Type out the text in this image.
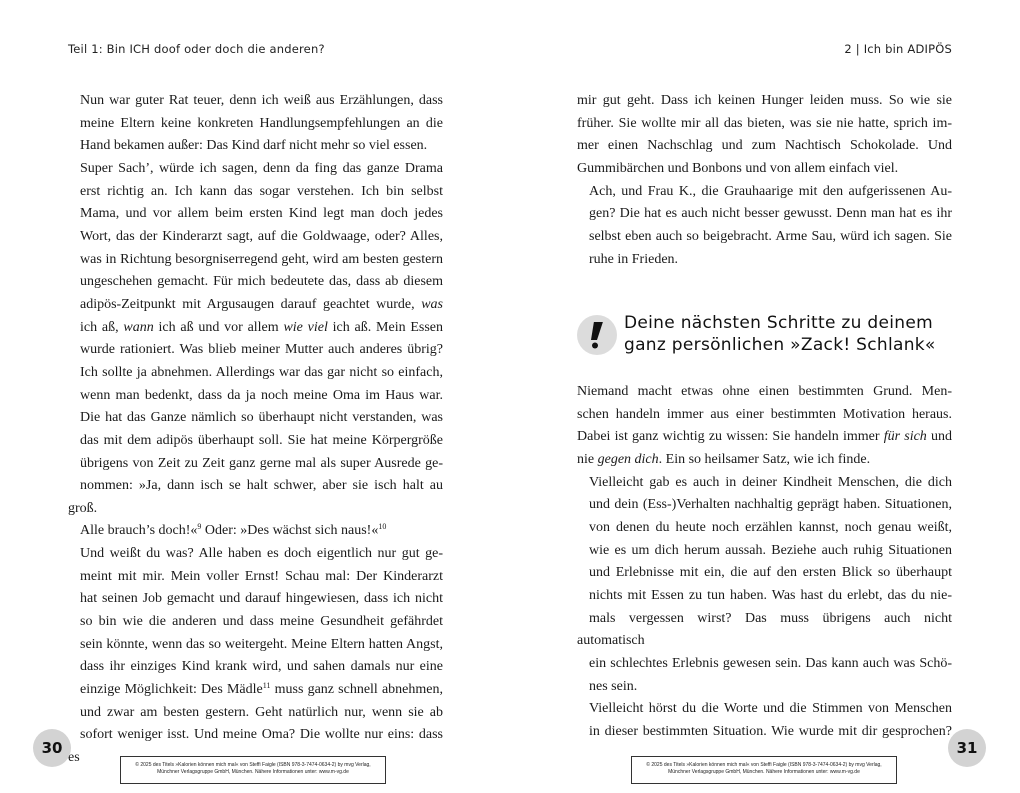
Teil 1: Bin ICH doof oder doch die anderen?

Nun war guter Rat teuer, denn ich weiß aus Erzählungen, dass
meine Eltern keine konkreten Handlungsempfehlungen an die
Hand bekamen außer: Das Kind darf nicht mehr so viel essen.

Super Sach’, würde ich sagen, denn da fing das ganze Drama
erst richtig an. Ich kann das sogar verstehen. Ich bin selbst
Mama, und vor allem beim ersten Kind legt man doch jedes
Wort, das der Kinderarzt sagt, auf die Goldwaage, oder? Alles,
was in Richtung besorgniserregend geht, wird am besten gestern
ungeschehen gemacht. Für mich bedeutete das, dass ab diesem
adipös-Zeitpunkt mit Argusaugen darauf geachtet wurde, was
ich aß, wann ich aß und vor allem wie viel ich aß. Mein Essen
wurde rationiert. Was blieb meiner Mutter auch anderes übrig?
Ich sollte ja abnehmen. Allerdings war das gar nicht so einfach,
wenn man bedenkt, dass da ja noch meine Oma im Haus war.
Die hat das Ganze nämlich so überhaupt nicht verstanden, was
das mit dem adipös überhaupt soll. Sie hat meine Körpergröße
übrigens von Zeit zu Zeit ganz gerne mal als super Ausrede ge-
nommen: »Ja, dann isch se halt schwer, aber sie isch halt au groß.
Alle brauch’s doch!«$^9$ Oder: »Des wächst sich naus!«$^{10}$

Und weißt du was? Alle haben es doch eigentlich nur gut ge-
meint mit mir. Mein voller Ernst! Schau mal: Der Kinderarzt
hat seinen Job gemacht und darauf hingewiesen, dass ich nicht
so bin wie die anderen und dass meine Gesundheit gefährdet
sein könnte, wenn das so weitergeht. Meine Eltern hatten Angst,
dass ihr einziges Kind krank wird, und sahen damals nur eine
einzige Möglichkeit: Des Mädle$^{11}$ muss ganz schnell abnehmen,
und zwar am besten gestern. Geht natürlich nur, wenn sie ab
sofort weniger isst. Und meine Oma? Die wollte nur eins: dass es

30
© 2025 des Titels »Kalorien können mich mal« von Steffi Faigle (ISBN 978-3-7474-0634-2) by mvg Verlag,
Münchner Verlagsgruppe GmbH, München. Nähere Informationen unter: www.m-vg.de
2 | Ich bin ADIPÖS

mir gut geht. Dass ich keinen Hunger leiden muss. So wie sie
früher. Sie wollte mir all das bieten, was sie nie hatte, sprich im-
mer einen Nachschlag und zum Nachtisch Schokolade. Und
Gummibärchen und Bonbons und von allem einfach viel.

Ach, und Frau K., die Grauhaarige mit den aufgerissenen Au-
gen? Die hat es auch nicht besser gewusst. Denn man hat es ihr
selbst eben auch so beigebracht. Arme Sau, würd ich sagen. Sie
ruhe in Frieden.

Deine nächsten Schritte zu deinem
ganz persönlichen »Zack! Schlank«

Niemand macht etwas ohne einen bestimmten Grund. Men-
schen handeln immer aus einer bestimmten Motivation heraus.
Dabei ist ganz wichtig zu wissen: Sie handeln immer für sich und
nie gegen dich. Ein so heilsamer Satz, wie ich finde.

Vielleicht gab es auch in deiner Kindheit Menschen, die dich
und dein (Ess-)Verhalten nachhaltig geprägt haben. Situationen,
von denen du heute noch erzählen kannst, noch genau weißt,
wie es um dich herum aussah. Beziehe auch ruhig Situationen
und Erlebnisse mit ein, die auf den ersten Blick so überhaupt
nichts mit Essen zu tun haben. Was hast du erlebt, das du nie-
mals vergessen wirst? Das muss übrigens auch nicht automatisch
ein schlechtes Erlebnis gewesen sein. Das kann auch was Schö-
nes sein.

Vielleicht hörst du die Worte und die Stimmen von Menschen
in dieser bestimmten Situation. Wie wurde mit dir gesprochen?

31
© 2025 des Titels »Kalorien können mich mal« von Steffi Faigle (ISBN 978-3-7474-0634-2) by mvg Verlag,
Münchner Verlagsgruppe GmbH, München. Nähere Informationen unter: www.m-vg.de
